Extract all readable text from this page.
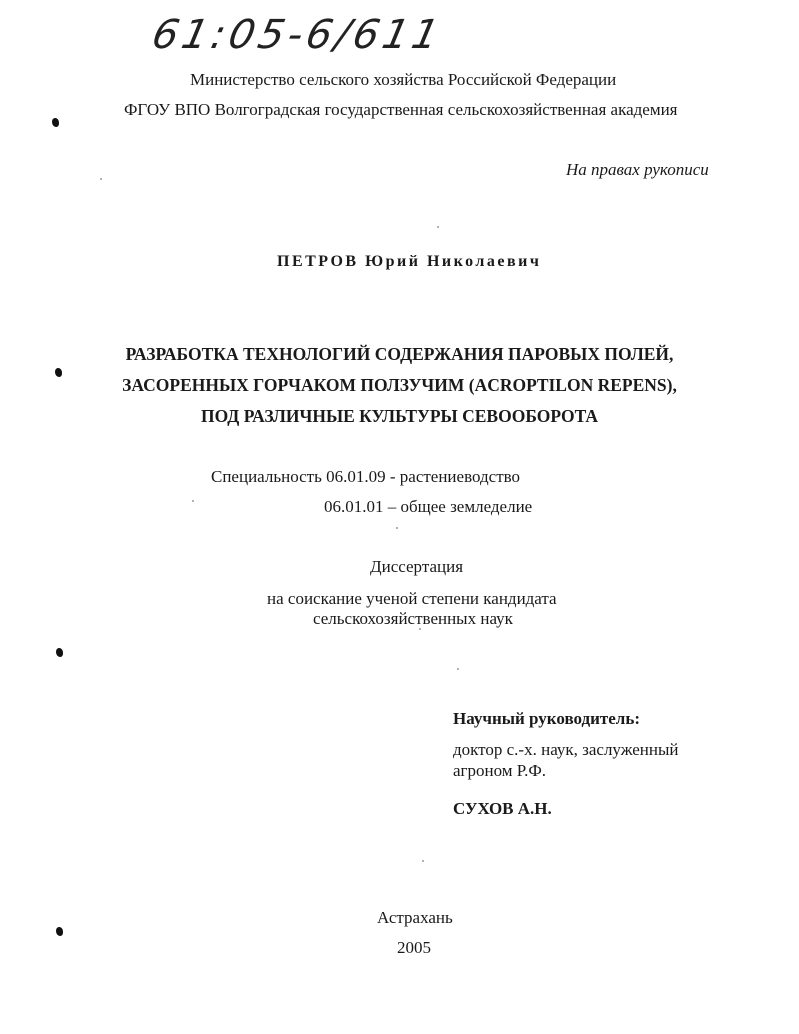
61:05-6/611
Министерство сельского хозяйства Российской Федерации
ФГОУ ВПО Волгоградская государственная сельскохозяйственная академия
На правах рукописи
ПЕТРОВ Юрий Николаевич
РАЗРАБОТКА ТЕХНОЛОГИЙ СОДЕРЖАНИЯ ПАРОВЫХ ПОЛЕЙ,
ЗАСОРЕННЫХ ГОРЧАКОМ ПОЛЗУЧИМ (ACROPTILON REPENS),
ПОД РАЗЛИЧНЫЕ КУЛЬТУРЫ СЕВООБОРОТА
Специальность 06.01.09 - растениеводство
06.01.01 – общее земледелие
Диссертация
на соискание ученой степени кандидата
сельскохозяйственных наук
Научный руководитель:
доктор с.-х. наук, заслуженный
агроном Р.Ф.
СУХОВ А.Н.
Астрахань
2005
